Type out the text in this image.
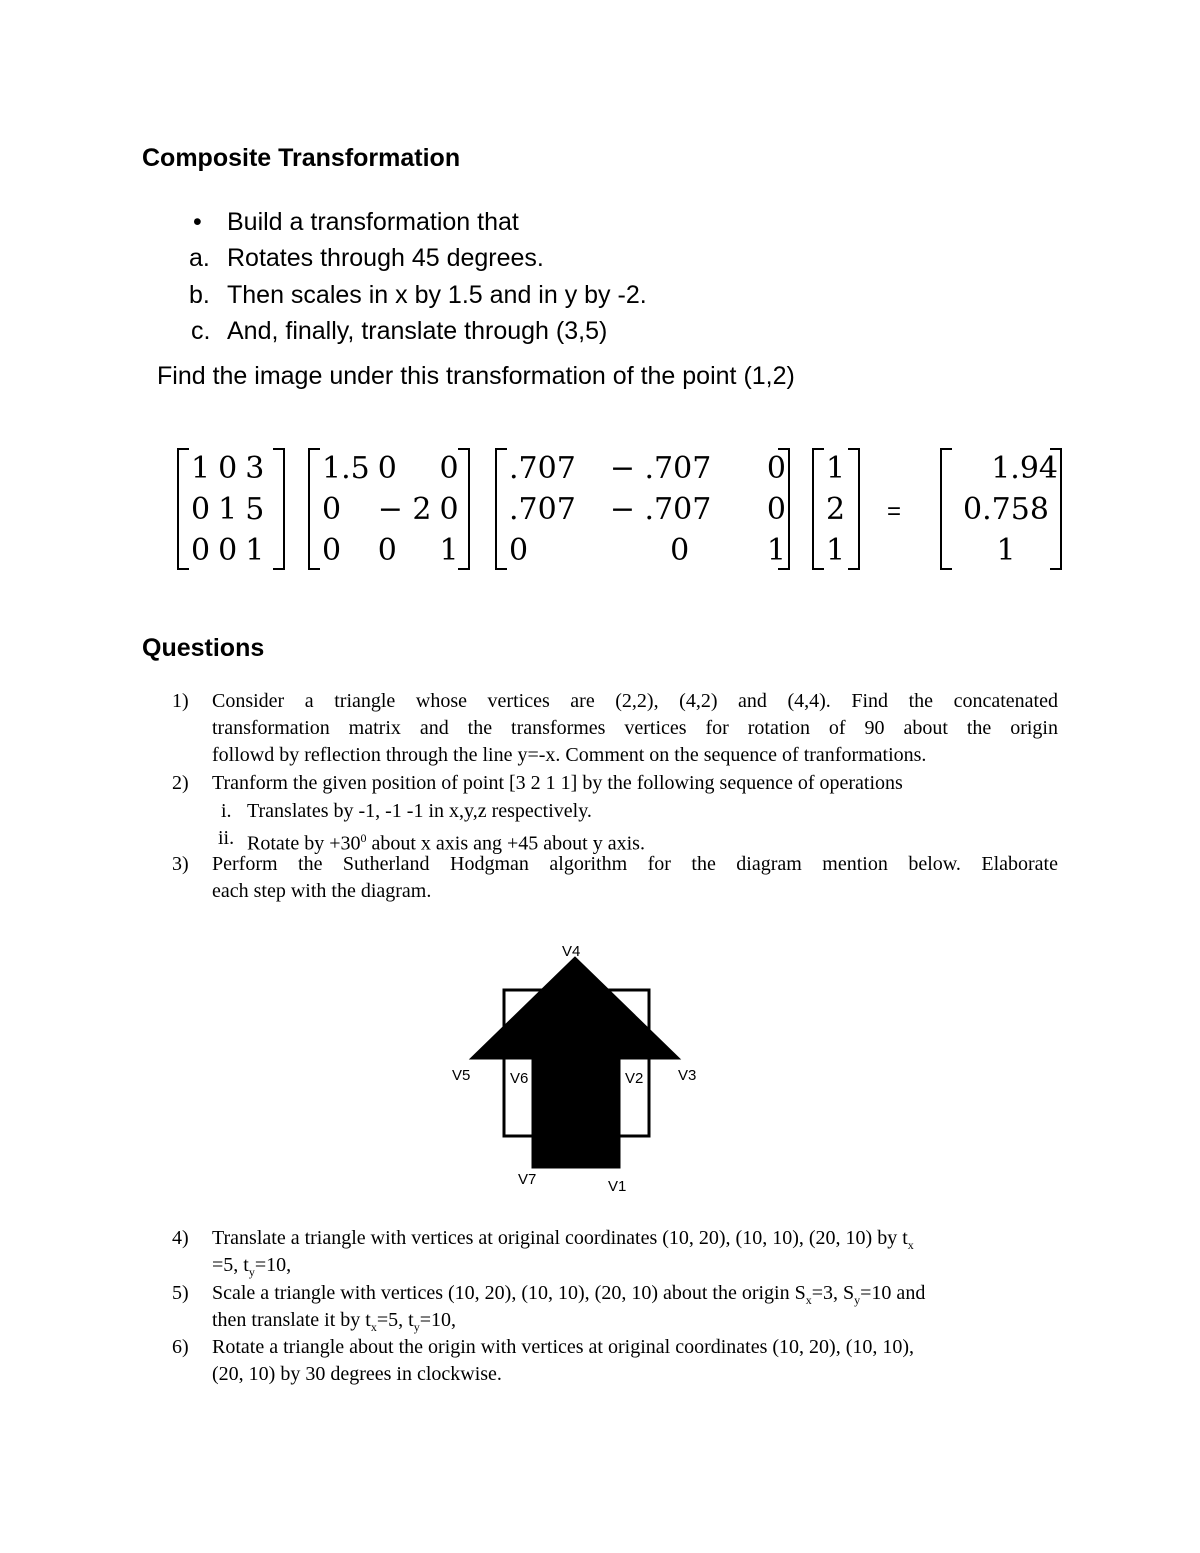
Composite Transformation
• Build a transformation that
a. Rotates through 45 degrees.
b. Then scales in x by 1.5 and in y by -2.
c. And, finally, translate through (3,5)

Find the image under this transformation of the point (1,2)

1	0	3
0	1	5
0	0	1
1.5	0	0
0	− 2	0
0	0	1
.707	− .707	0
.707	− .707	0
0	0	1
1
2
1
=
1.94
0.758
1
Questions
1) Consider a triangle whose vertices are (2,2), (4,2) and (4,4). Find the concatenated
transformation matrix and the transformes vertices for rotation of 90 about the origin
followd by reflection through the line y=-x. Comment on the sequence of tranformations.
2) Tranform the given position of point [3 2 1 1] by the following sequence of operations
i. Translates by -1, -1 -1 in x,y,z respectively.
ii. Rotate by $+30^0$ about x axis ang +45 about y axis.
3) Perform the Sutherland Hodgman algorithm for the diagram mention below. Elaborate
each step with the diagram.
V4
V5	V6	V2 V3
V7	V1
4) Translate a triangle with vertices at original coordinates (10, 20), (10, 10), (20, 10) by $t_x$
=5, $t_y=10$,
5) Scale a triangle with vertices (10, 20), (10, 10), (20, 10) about the origin $S_x=3$, $S_y=10$ and
then translate it by $t_x=5$, $t_y=10$,
6) Rotate a triangle about the origin with vertices at original coordinates (10, 20), (10, 10),
(20, 10) by 30 degrees in clockwise.
